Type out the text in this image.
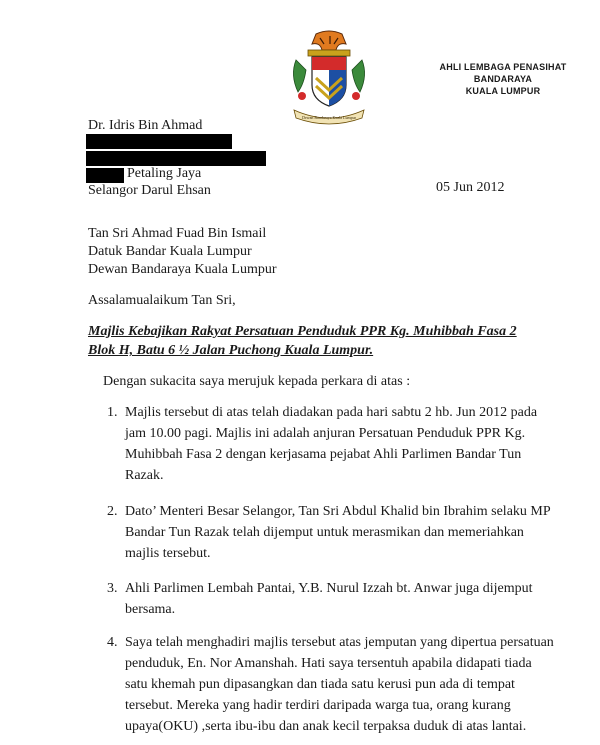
Dewan Bandaraya Kuala Lumpur
AHLI LEMBAGA PENASIHAT BANDARAYA
KUALA LUMPUR
Dr. Idris Bin Ahmad
Petaling Jaya
Selangor Darul Ehsan	05 Jun 2012
Tan Sri Ahmad Fuad Bin Ismail
Datuk Bandar Kuala Lumpur
Dewan Bandaraya Kuala Lumpur
Assalamualaikum Tan Sri,
Majlis Kebajikan Rakyat Persatuan Penduduk PPR Kg. Muhibbah Fasa 2
Blok H, Batu 6 ½ Jalan Puchong Kuala Lumpur.
Dengan sukacita saya merujuk kepada perkara di atas :
1. Majlis tersebut di atas telah diadakan pada hari sabtu 2 hb. Jun 2012 pada
jam 10.00 pagi. Majlis ini adalah anjuran Persatuan Penduduk PPR Kg.
Muhibbah Fasa 2 dengan kerjasama pejabat Ahli Parlimen Bandar Tun
Razak.
2. Dato’ Menteri Besar Selangor, Tan Sri Abdul Khalid bin Ibrahim selaku MP
Bandar Tun Razak telah dijemput untuk merasmikan dan memeriahkan
majlis tersebut.
3. Ahli Parlimen Lembah Pantai, Y.B. Nurul Izzah bt. Anwar juga dijemput
bersama.
4. Saya telah menghadiri majlis tersebut atas jemputan yang dipertua persatuan
penduduk, En. Nor Amanshah. Hati saya tersentuh apabila didapati tiada
satu khemah pun dipasangkan dan tiada satu kerusi pun ada di tempat
tersebut. Mereka yang hadir terdiri daripada warga tua, orang kurang
upaya(OKU) ,serta ibu-ibu dan anak kecil terpaksa duduk di atas lantai.
